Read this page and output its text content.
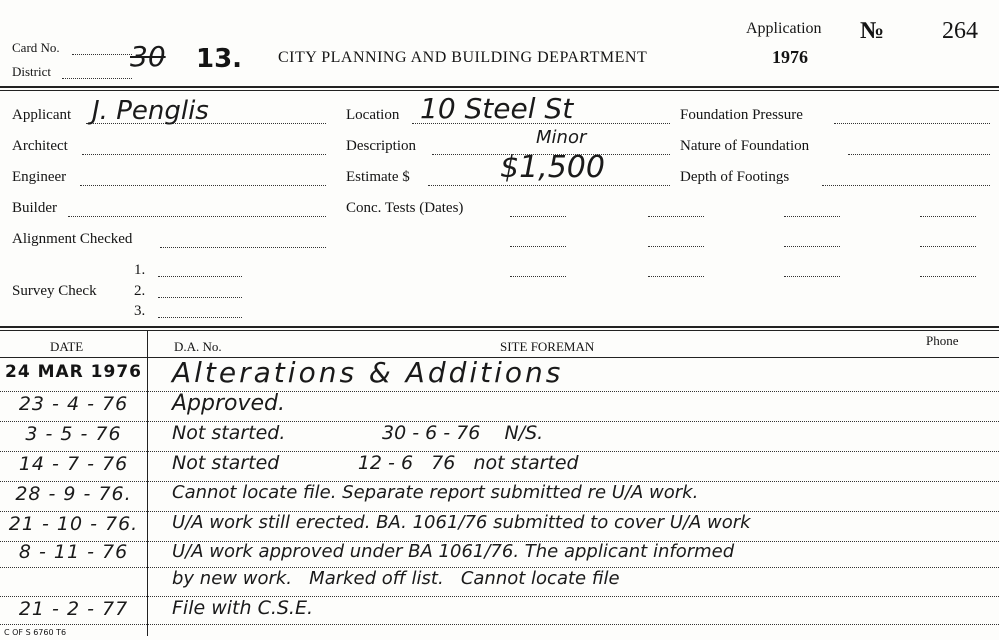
Card No.
District	30 13. CITY PLANNING AND BUILDING DEPARTMENT
Application № 264
1976
Applicant J. Penglis
Architect
Engineer
Builder
Alignment Checked
1.
Survey Check 2.
3.
Location 10 Steel St
Description	Minor
Estimate $	$1,500
Conc. Tests (Dates)
Foundation Pressure
Nature of Foundation
Depth of Footings
DATE	D.A. No.	SITE FOREMAN	Phone
24 MAR 1976 Alterations & Additions
23 - 4 - 76	Approved.
3 - 5 - 76	Not started.                30 - 6 - 76    N/S.
14 - 7 - 76	Not started             12 - 6   76   not started
28 - 9 - 76.	Cannot locate file. Separate report submitted re U/A work.
21 - 10 - 76.	U/A work still erected. BA. 1061/76 submitted to cover U/A work
8 - 11 - 76	U/A work approved under BA 1061/76. The applicant informed
by new work.   Marked off list.   Cannot locate file
21 - 2 - 77	File with C.S.E.
C OF S 6760 T6
